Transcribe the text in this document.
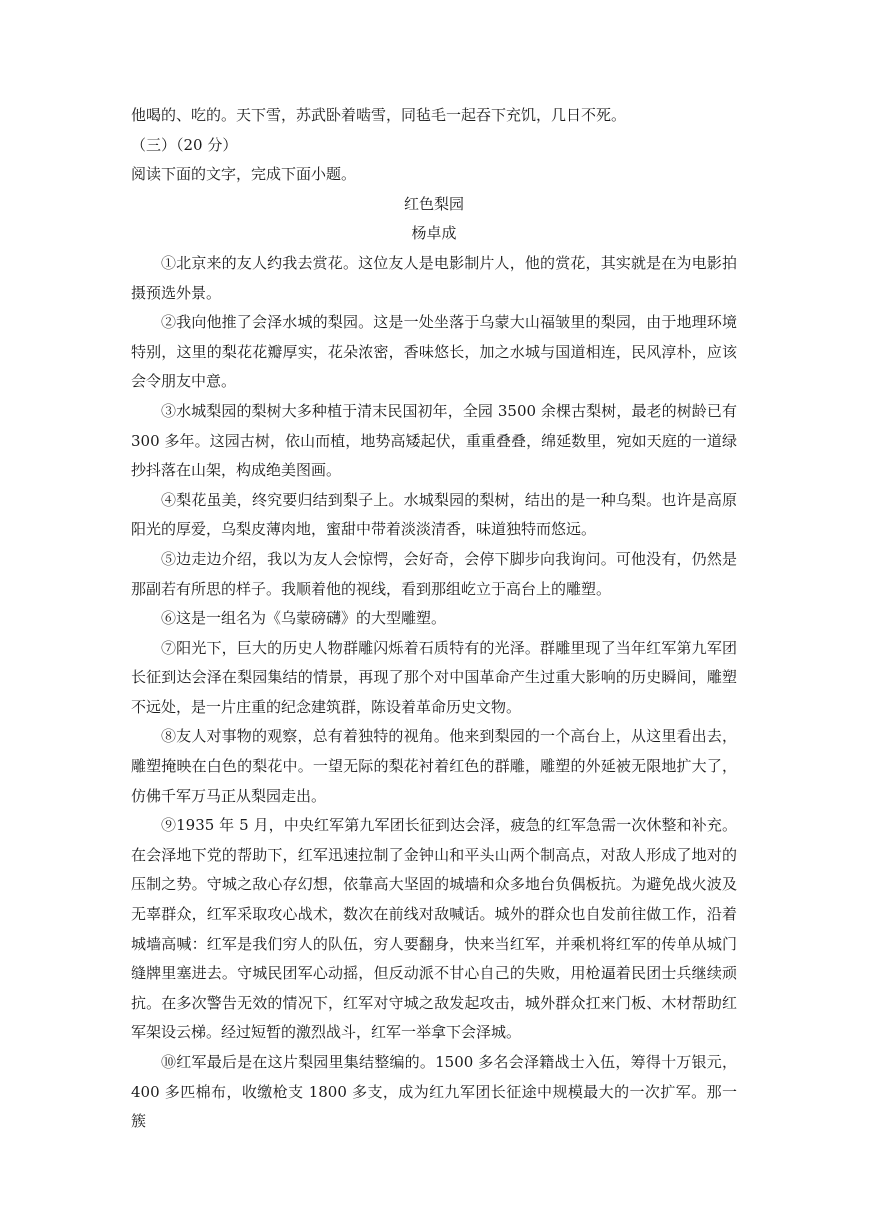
他喝的、吃的。天下雪，苏武卧着啮雪，同毡毛一起吞下充饥，几日不死。

（三）（20 分）

阅读下面的文字，完成下面小题。

红色梨园

杨卓成

①北京来的友人约我去赏花。这位友人是电影制片人，他的赏花，其实就是在为电影拍摄预选外景。

②我向他推了会泽水城的梨园。这是一处坐落于乌蒙大山福皱里的梨园，由于地理环境特别，这里的梨花花瓣厚实，花朵浓密，香味悠长，加之水城与国道相连，民风淳朴，应该会令朋友中意。

③水城梨园的梨树大多种植于清末民国初年，全园 3500 余棵古梨树，最老的树龄已有 300 多年。这园古树，依山而植，地势高矮起伏，重重叠叠，绵延数里，宛如天庭的一道绿抄抖落在山架，构成绝美图画。

④梨花虽美，终究要归结到梨子上。水城梨园的梨树，结出的是一种乌梨。也许是高原阳光的厚爱，乌梨皮薄肉地，蜜甜中带着淡淡清香，味道独特而悠远。

⑤边走边介绍，我以为友人会惊愕，会好奇，会停下脚步向我询问。可他没有，仍然是那副若有所思的样子。我顺着他的视线，看到那组屹立于高台上的雕塑。

⑥这是一组名为《乌蒙磅礴》的大型雕塑。

⑦阳光下，巨大的历史人物群雕闪烁着石质特有的光泽。群雕里现了当年红军第九军团长征到达会泽在梨园集结的情景，再现了那个对中国革命产生过重大影响的历史瞬间，雕塑不远处，是一片庄重的纪念建筑群，陈设着革命历史文物。

⑧友人对事物的观察，总有着独特的视角。他来到梨园的一个高台上，从这里看出去，雕塑掩映在白色的梨花中。一望无际的梨花衬着红色的群雕，雕塑的外延被无限地扩大了，仿佛千军万马正从梨园走出。

⑨1935 年 5 月，中央红军第九军团长征到达会泽，疲急的红军急需一次休整和补充。在会泽地下党的帮助下，红军迅速拉制了金钟山和平头山两个制高点，对敌人形成了地对的压制之势。守城之敌心存幻想，依靠高大坚固的城墙和众多地台负偶板抗。为避免战火波及无辜群众，红军采取攻心战术，数次在前线对敌喊话。城外的群众也自发前往做工作，沿着城墙高喊：红军是我们穷人的队伍，穷人要翻身，快来当红军，并乘机将红军的传单从城门缝牌里塞进去。守城民团军心动摇，但反动派不甘心自己的失败，用枪逼着民团士兵继续顽抗。在多次警告无效的情况下，红军对守城之敌发起攻击，城外群众扛来门板、木材帮助红军架设云梯。经过短暂的激烈战斗，红军一举拿下会泽城。

⑩红军最后是在这片梨园里集结整编的。1500 多名会泽籍战士入伍，筹得十万银元，400 多匹棉布，收缴枪支 1800 多支，成为红九军团长征途中规模最大的一次扩军。那一簇
